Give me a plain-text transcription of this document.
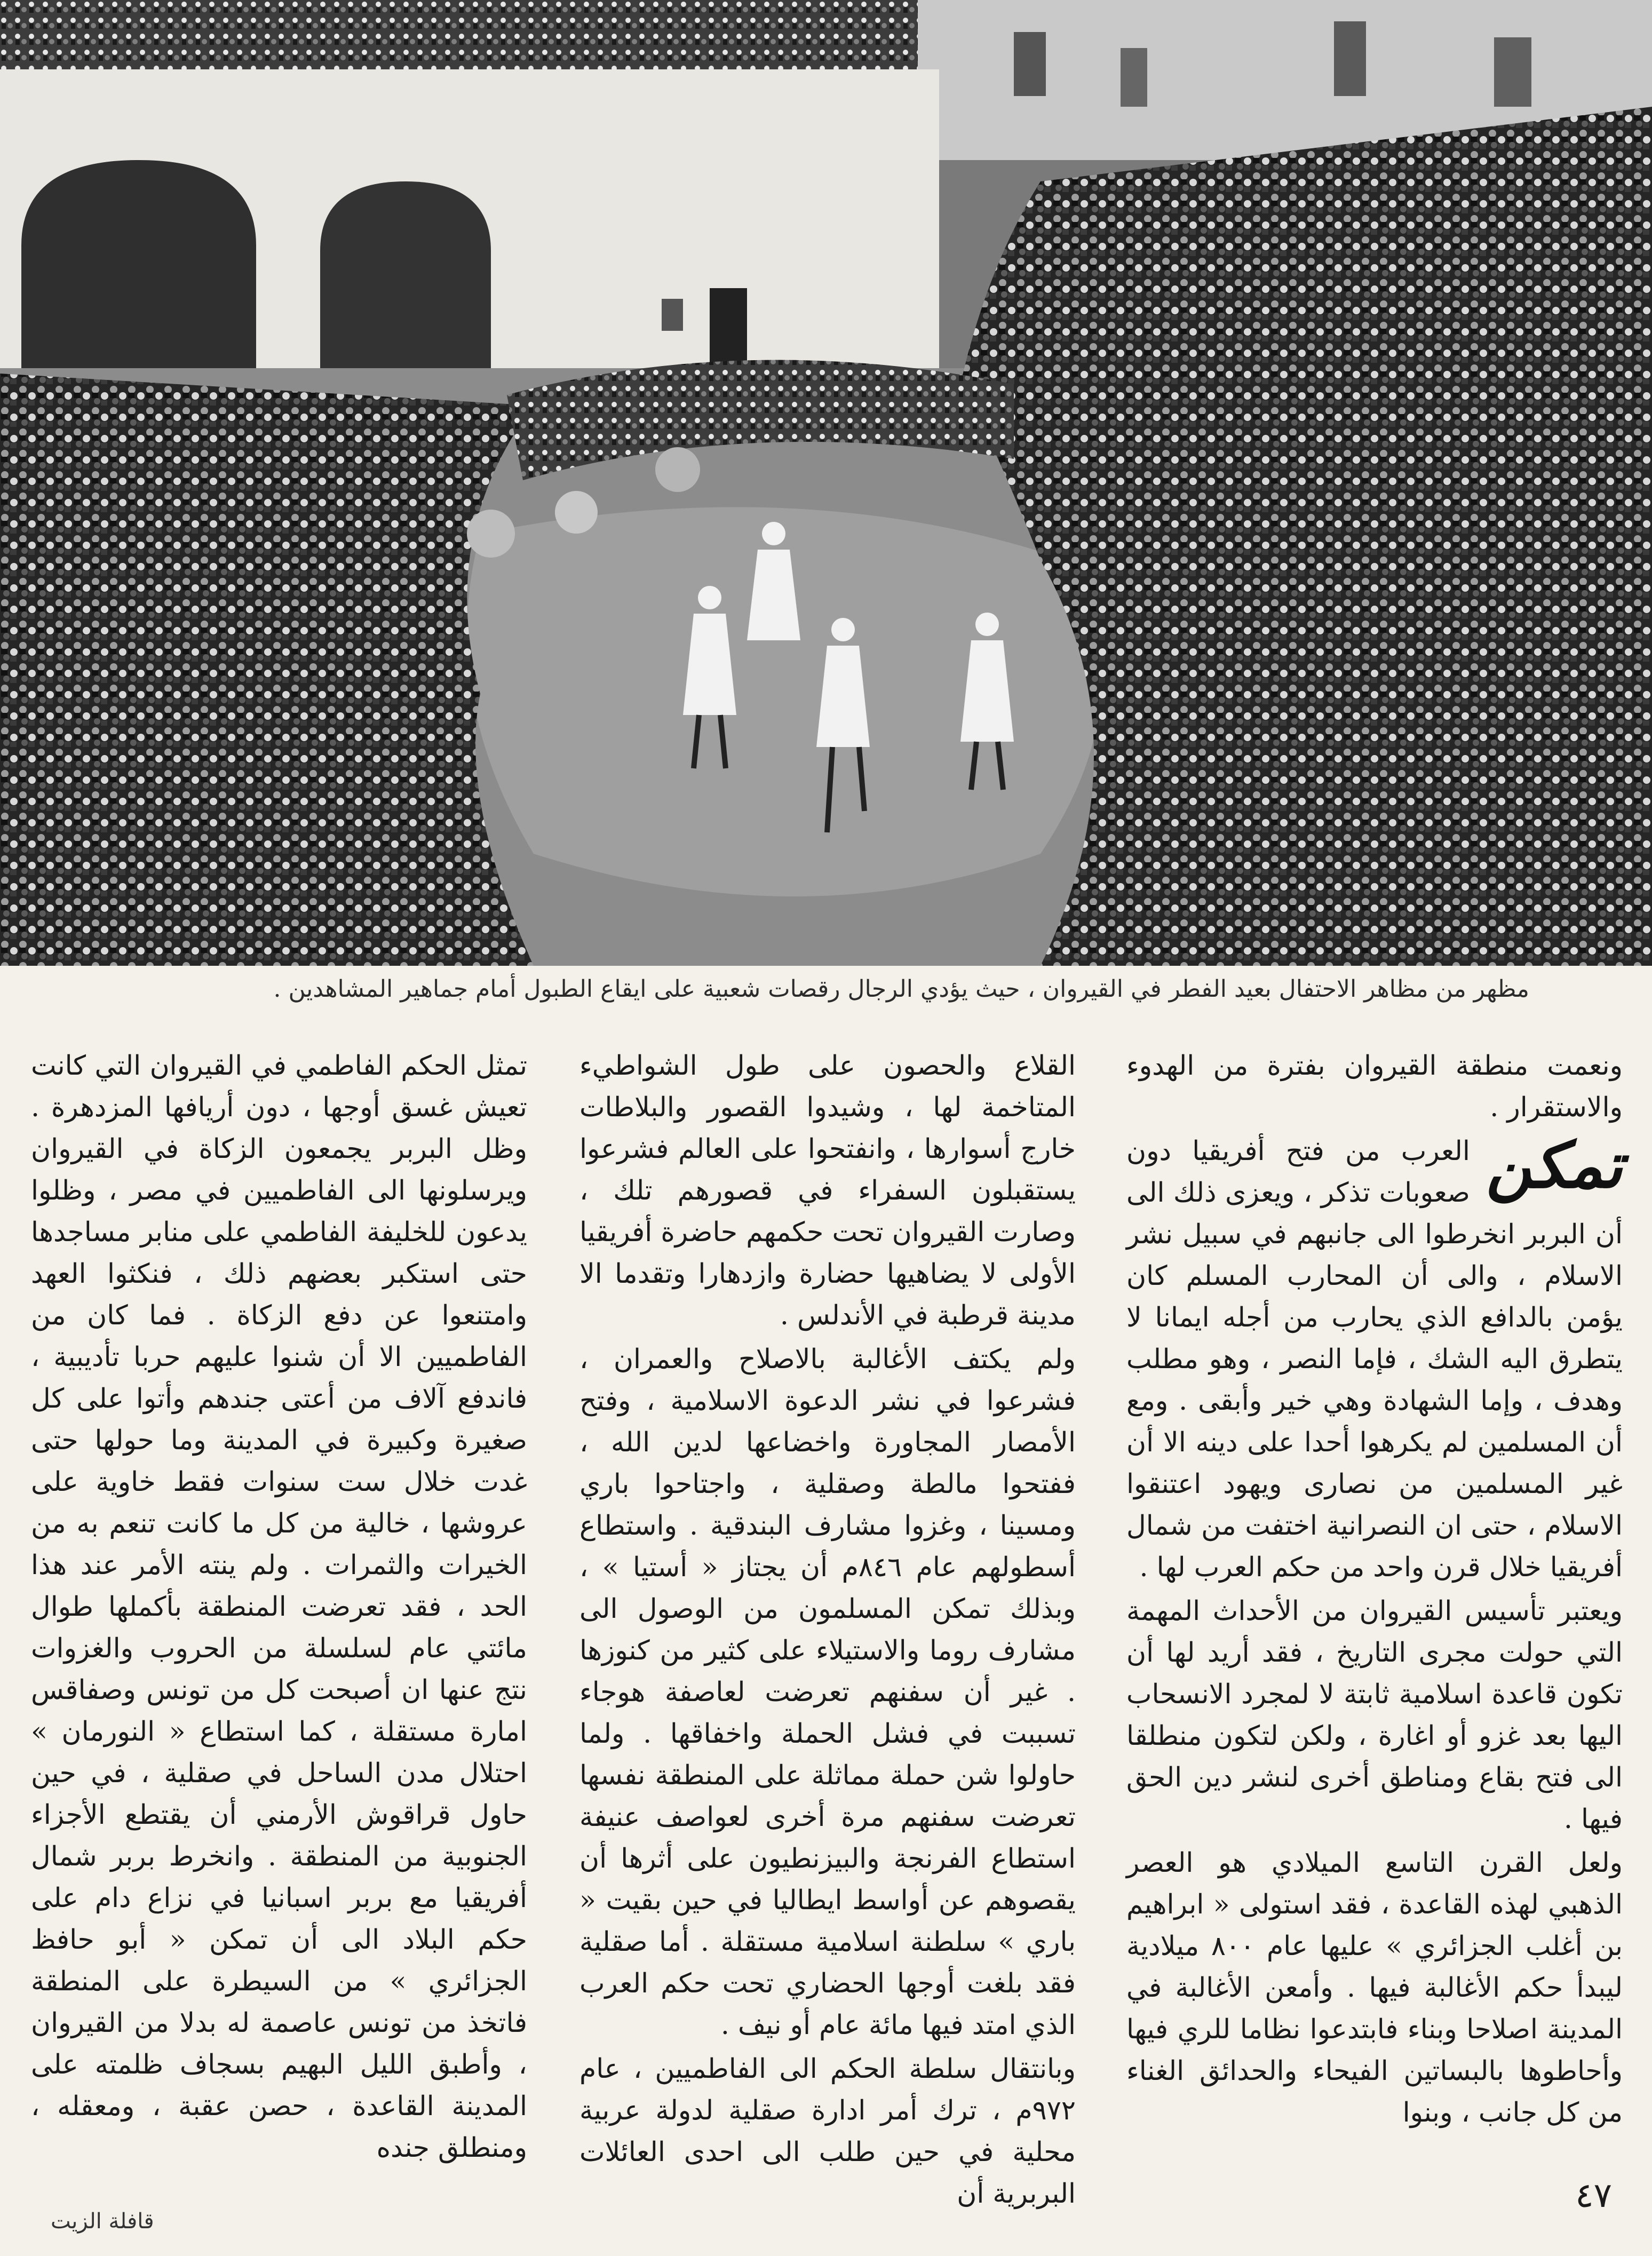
مظهر من مظاهر الاحتفال بعيد الفطر في القيروان ، حيث يؤدي الرجال رقصات شعبية على ايقاع الطبول أمام جماهير المشاهدين .

ونعمت منطقة القيروان بفترة من الهدوء والاستقرار .

تمكن
العرب من فتح أفريقيا دون صعوبات تذكر ، ويعزى ذلك الى أن البربر انخرطوا الى جانبهم في سبيل نشر الاسلام ، والى أن المحارب المسلم كان يؤمن بالدافع الذي يحارب من أجله ايمانا لا يتطرق اليه الشك ، فإما النصر ، وهو مطلب وهدف ، وإما الشهادة وهي خير وأبقى . ومع أن المسلمين لم يكرهوا أحدا على دينه الا أن غير المسلمين من نصارى ويهود اعتنقوا الاسلام ، حتى ان النصرانية اختفت من شمال أفريقيا خلال قرن واحد من حكم العرب لها .

ويعتبر تأسيس القيروان من الأحداث المهمة التي حولت مجرى التاريخ ، فقد أريد لها أن تكون قاعدة اسلامية ثابتة لا لمجرد الانسحاب اليها بعد غزو أو اغارة ، ولكن لتكون منطلقا الى فتح بقاع ومناطق أخرى لنشر دين الحق فيها .

ولعل القرن التاسع الميلادي هو العصر الذهبي لهذه القاعدة ، فقد استولى « ابراهيم بن أغلب الجزائري » عليها عام ٨٠٠ ميلادية ليبدأ حكم الأغالبة فيها . وأمعن الأغالبة في المدينة اصلاحا وبناء فابتدعوا نظاما للري فيها وأحاطوها بالبساتين الفيحاء والحدائق الغناء من كل جانب ، وبنوا

القلاع والحصون على طول الشواطيء المتاخمة لها ، وشيدوا القصور والبلاطات خارج أسوارها ، وانفتحوا على العالم فشرعوا يستقبلون السفراء في قصورهم تلك ، وصارت القيروان تحت حكمهم حاضرة أفريقيا الأولى لا يضاهيها حضارة وازدهارا وتقدما الا مدينة قرطبة في الأندلس .

ولم يكتف الأغالبة بالاصلاح والعمران ، فشرعوا في نشر الدعوة الاسلامية ، وفتح الأمصار المجاورة واخضاعها لدين الله ، ففتحوا مالطة وصقلية ، واجتاحوا باري ومسينا ، وغزوا مشارف البندقية . واستطاع أسطولهم عام ٨٤٦م أن يجتاز « أستيا » ، وبذلك تمكن المسلمون من الوصول الى مشارف روما والاستيلاء على كثير من كنوزها . غير أن سفنهم تعرضت لعاصفة هوجاء تسببت في فشل الحملة واخفاقها . ولما حاولوا شن حملة مماثلة على المنطقة نفسها تعرضت سفنهم مرة أخرى لعواصف عنيفة استطاع الفرنجة والبيزنطيون على أثرها أن يقصوهم عن أواسط ايطاليا في حين بقيت « باري » سلطنة اسلامية مستقلة . أما صقلية فقد بلغت أوجها الحضاري تحت حكم العرب الذي امتد فيها مائة عام أو نيف .

وبانتقال سلطة الحكم الى الفاطميين ، عام ٩٧٢م ، ترك أمر ادارة صقلية لدولة عربية محلية في حين طلب الى احدى العائلات البربرية أن

تمثل الحكم الفاطمي في القيروان التي كانت تعيش غسق أوجها ، دون أريافها المزدهرة . وظل البربر يجمعون الزكاة في القيروان ويرسلونها الى الفاطميين في مصر ، وظلوا يدعون للخليفة الفاطمي على منابر مساجدها حتى استكبر بعضهم ذلك ، فنكثوا العهد وامتنعوا عن دفع الزكاة . فما كان من الفاطميين الا أن شنوا عليهم حربا تأديبية ، فاندفع آلاف من أعتى جندهم وأتوا على كل صغيرة وكبيرة في المدينة وما حولها حتى غدت خلال ست سنوات فقط خاوية على عروشها ، خالية من كل ما كانت تنعم به من الخيرات والثمرات . ولم ينته الأمر عند هذا الحد ، فقد تعرضت المنطقة بأكملها طوال مائتي عام لسلسلة من الحروب والغزوات نتج عنها ان أصبحت كل من تونس وصفاقس امارة مستقلة ، كما استطاع « النورمان » احتلال مدن الساحل في صقلية ، في حين حاول قراقوش الأرمني أن يقتطع الأجزاء الجنوبية من المنطقة . وانخرط بربر شمال أفريقيا مع بربر اسبانيا في نزاع دام على حكم البلاد الى أن تمكن « أبو حافظ الجزائري » من السيطرة على المنطقة فاتخذ من تونس عاصمة له بدلا من القيروان ، وأطبق الليل البهيم بسجاف ظلمته على المدينة القاعدة ، حصن عقبة ، ومعقله ، ومنطلق جنده

٤٧
قافلة الزيت
